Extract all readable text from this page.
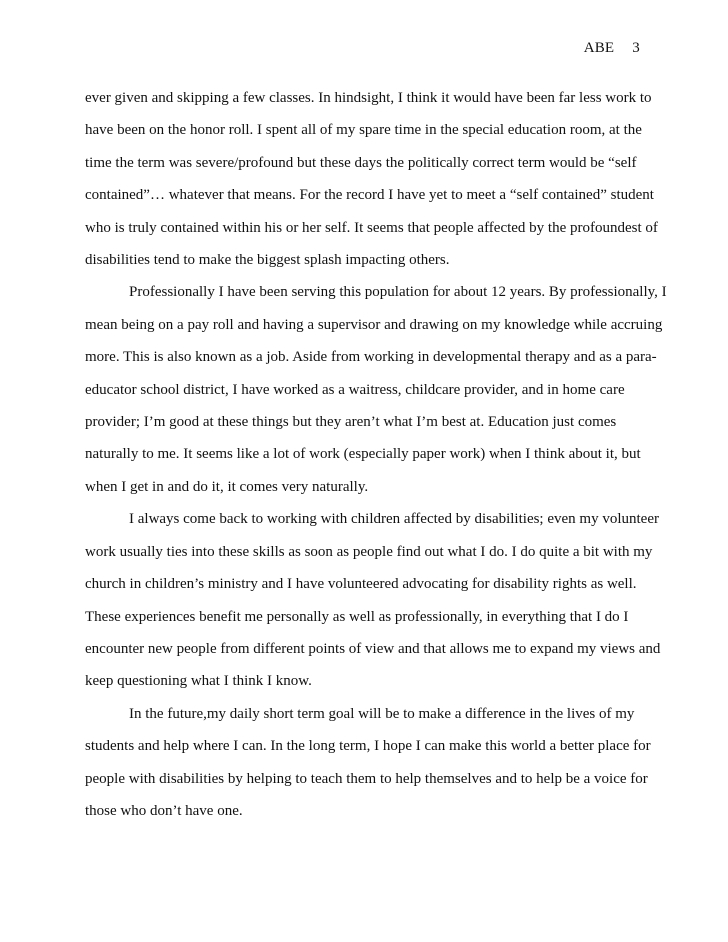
ABE 3
ever given and skipping a few classes. In hindsight, I think it would have been far less work to
have been on the honor roll. I spent all of my spare time in the special education room, at the
time the term was severe/profound but these days the politically correct term would be “self
contained”… whatever that means. For the record I have yet to meet a “self contained” student
who is truly contained within his or her self. It seems that people affected by the profoundest of
disabilities tend to make the biggest splash impacting others.
Professionally I have been serving this population for about 12 years. By professionally, I
mean being on a pay roll and having a supervisor and drawing on my knowledge while accruing
more. This is also known as a job. Aside from working in developmental therapy and as a para-
educator school district, I have worked as a waitress, childcare provider, and in home care
provider; I’m good at these things but they aren’t what I’m best at. Education just comes
naturally to me. It seems like a lot of work (especially paper work) when I think about it, but
when I get in and do it, it comes very naturally.
I always come back to working with children affected by disabilities; even my volunteer
work usually ties into these skills as soon as people find out what I do. I do quite a bit with my
church in children’s ministry and I have volunteered advocating for disability rights as well.
These experiences benefit me personally as well as professionally, in everything that I do I
encounter new people from different points of view and that allows me to expand my views and
keep questioning what I think I know.
In the future,my daily short term goal will be to make a difference in the lives of my
students and help where I can. In the long term, I hope I can make this world a better place for
people with disabilities by helping to teach them to help themselves and to help be a voice for
those who don’t have one.
